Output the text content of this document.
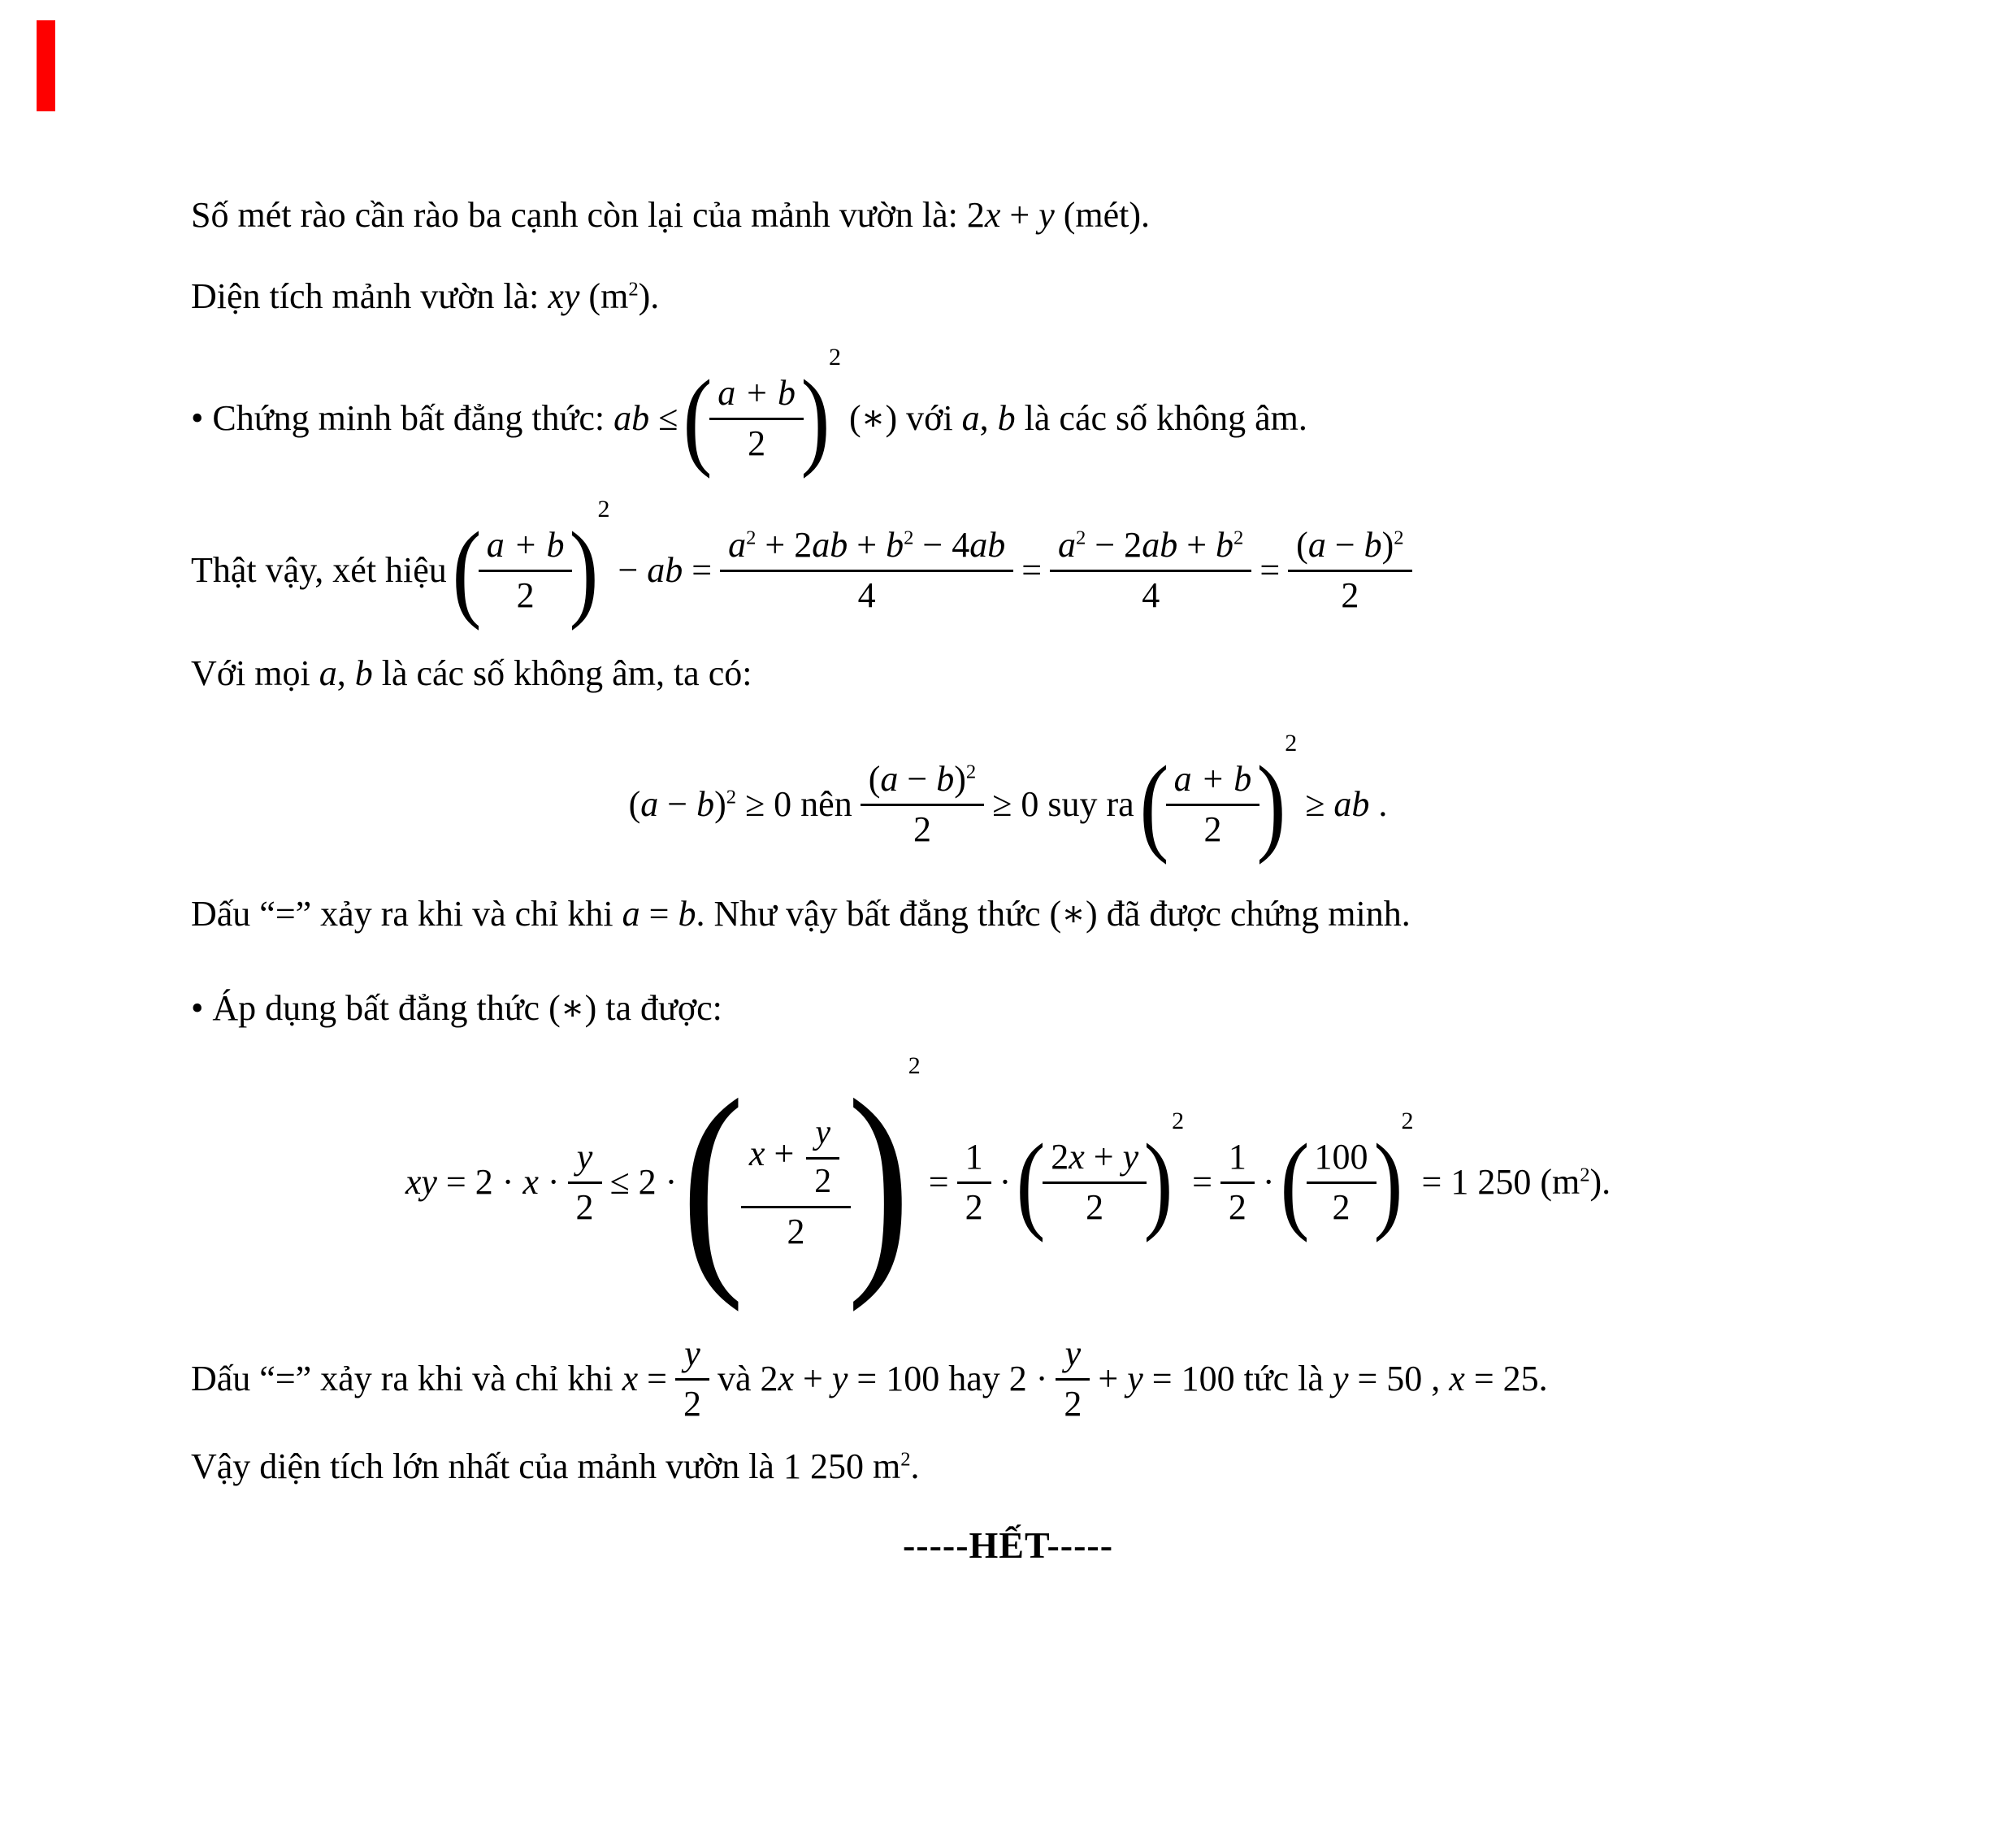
Số mét rào cần rào ba cạnh còn lại của mảnh vườn là: 2x + y (mét).
Diện tích mảnh vườn là: xy $(m^2)$.
• Chứng minh bất đẳng thức: ab ≤ (
$\frac{a + b}{2}$
)
$^2$
(∗) với a, b là các số không âm.
Thật vậy, xét hiệu (
$\frac{a + b}{2}$
)
$^2$
− ab = $\frac{a^2 + 2ab + b^2 - 4ab}{4} = \frac{a^2 - 2ab + b^2}{4} = \frac{(a - b)^2}{2}$
Với mọi a, b là các số không âm, ta có:
$(a - b)^2 \ge 0$ nên $\frac{(a - b)^2}{2} \ge 0$ suy ra (
$\frac{a + b}{2}$
)
$^2$
≥ ab .
Dấu “=” xảy ra khi và chỉ khi a = b. Như vậy bất đẳng thức (∗) đã được chứng minh.
• Áp dụng bất đẳng thức (∗) ta được:
xy = $2 \cdot x \cdot \frac{y}{2} \le 2$ · (
$\frac{x + \frac{y}{2}}{2}$
)
$^2$
= $\frac{1}{2}$ · (
$\frac{2x + y}{2}$
)
$^2$
= $\frac{1}{2}$ · (
$\frac{100}{2}$
)
$^2$
= 1 250 $(m^2)$.
Dấu “=” xảy ra khi và chỉ khi $x = \frac{y}{2}$ và 2x + y = 100 hay $2 \cdot \frac{y}{2} + y = 100$ tức là y = 50 , x = 25.
Vậy diện tích lớn nhất của mảnh vườn là 1 250 $m^2$.
-----HẾT-----
